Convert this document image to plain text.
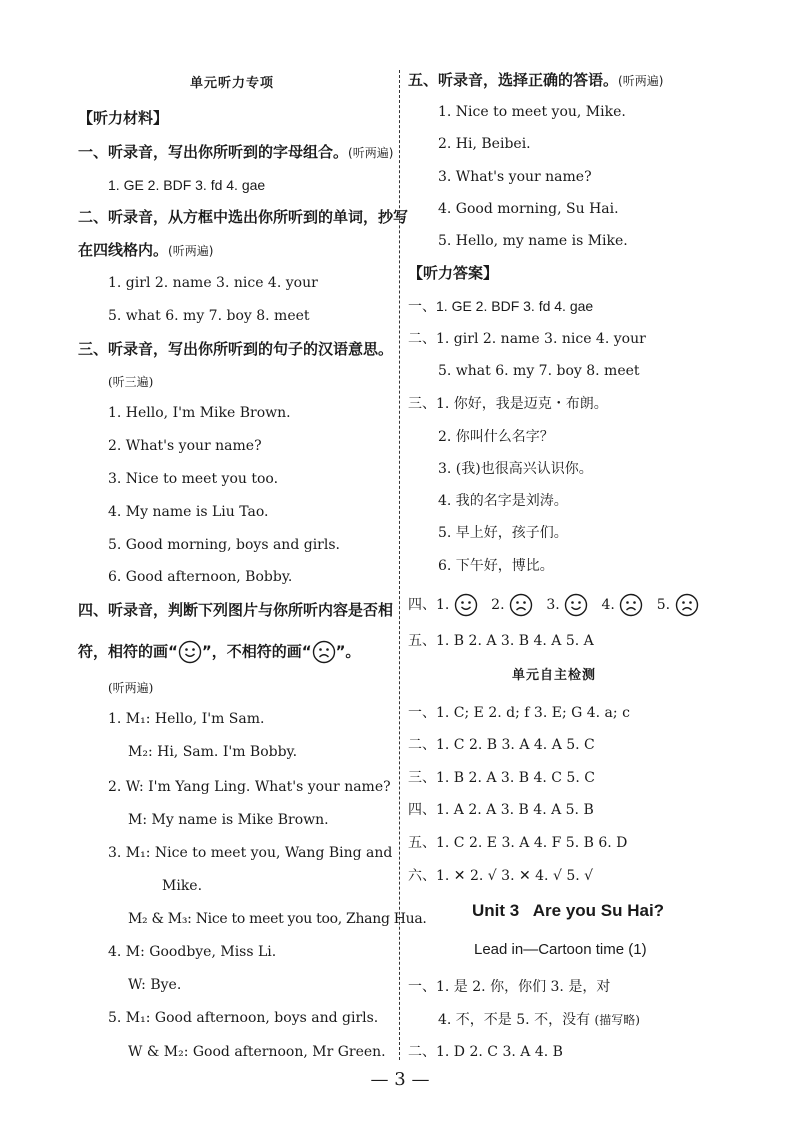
单元听力专项
【听力材料】
一、听录音，写出你所听到的字母组合。(听两遍)
1. GE 2. BDF 3. fd 4. gae
二、听录音，从方框中选出你所听到的单词，抄写
在四线格内。(听两遍)
1. girl 2. name 3. nice 4. your
5. what 6. my 7. boy 8. meet
三、听录音，写出你所听到的句子的汉语意思。
(听三遍)
1. Hello, I'm Mike Brown.
2. What's your name?
3. Nice to meet you too.
4. My name is Liu Tao.
5. Good morning, boys and girls.
6. Good afternoon, Bobby.
四、听录音，判断下列图片与你所听内容是否相
符，相符的画“ ”，不相符的画“ ”。
(听两遍)
1. M₁: Hello, I'm Sam.
M₂: Hi, Sam. I'm Bobby.
2. W: I'm Yang Ling. What's your name?
M: My name is Mike Brown.
3. M₁: Nice to meet you, Wang Bing and
Mike.
M₂ & M₃: Nice to meet you too, Zhang Hua.
4. M: Goodbye, Miss Li.
W: Bye.
5. M₁: Good afternoon, boys and girls.
W & M₂: Good afternoon, Mr Green.
五、听录音，选择正确的答语。(听两遍)
1. Nice to meet you, Mike.
2. Hi, Beibei.
3. What's your name?
4. Good morning, Su Hai.
5. Hello, my name is Mike.
【听力答案】
一、1. GE 2. BDF 3. fd 4. gae
二、1. girl 2. name 3. nice 4. your
5. what 6. my 7. boy 8. meet
三、1. 你好，我是迈克・布朗。
2. 你叫什么名字？
3. (我)也很高兴认识你。
4. 我的名字是刘涛。
5. 早上好，孩子们。
6. 下午好，博比。
四、1.	2.	3.	4.	5.
五、1. B 2. A 3. B 4. A 5. A
单元自主检测
一、1. C; E 2. d; f 3. E; G 4. a; c
二、1. C 2. B 3. A 4. A 5. C
三、1. B 2. A 3. B 4. C 5. C
四、1. A 2. A 3. B 4. A 5. B
五、1. C 2. E 3. A 4. F 5. B 6. D
六、1. ✕ 2. √ 3. ✕ 4. √ 5. √
Unit 3   Are you Su Hai?
Lead in—Cartoon time (1)
一、1. 是 2. 你，你们 3. 是，对
4. 不，不是 5. 不，没有 (描写略)
二、1. D 2. C 3. A 4. B
— 3 —
